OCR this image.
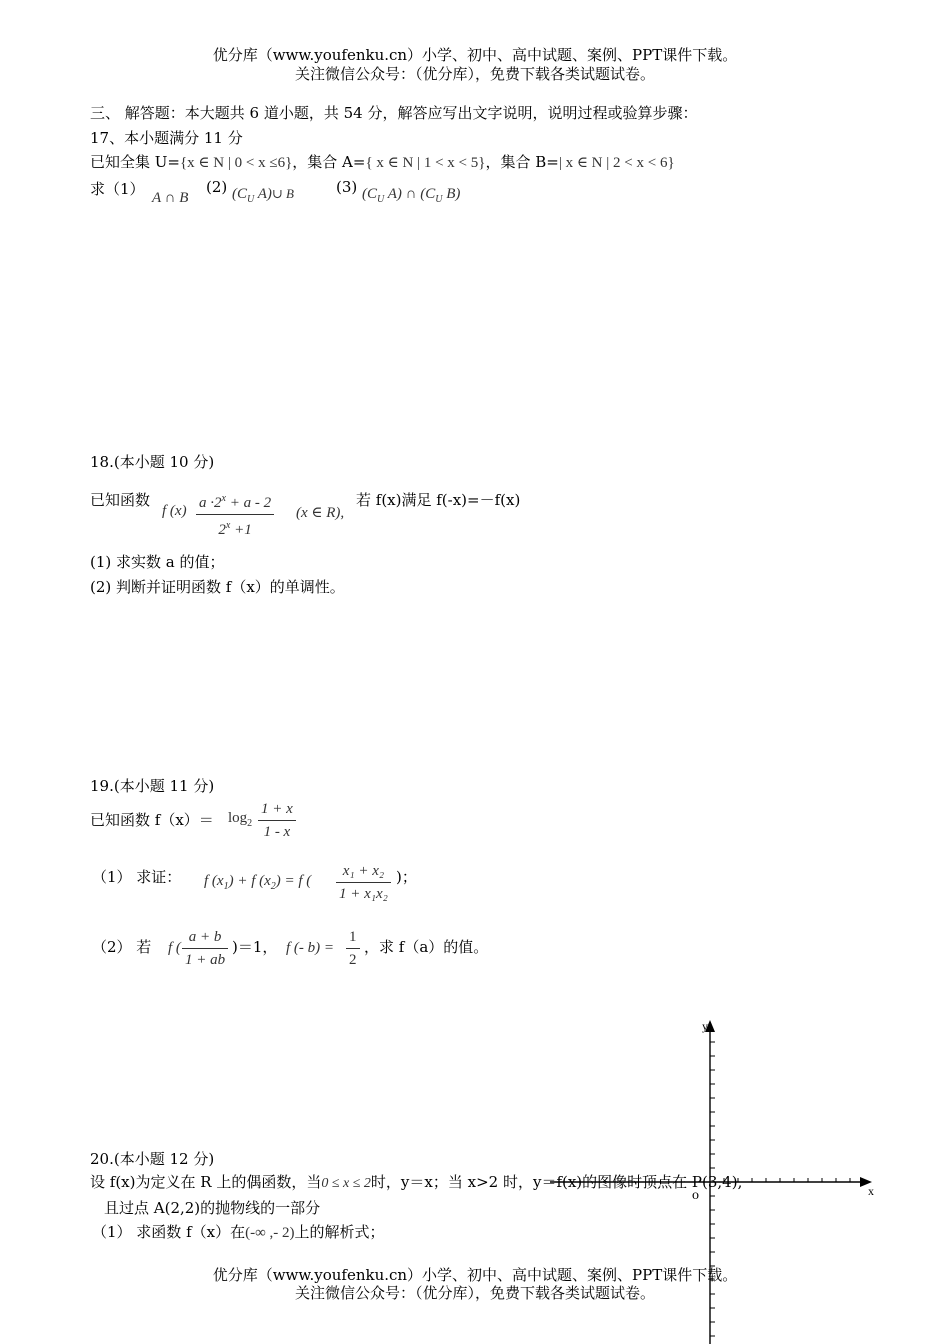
优分库（www.youfenku.cn）小学、初中、高中试题、案例、PPT课件下载。
关注微信公众号：（优分库），免费下载各类试题试卷。
三、 解答题：本大题共 6 道小题，共 54 分，解答应写出文字说明，说明过程或验算步骤：
17、本小题满分 11 分
已知全集 U={x ∈ N | 0 < x ≤6}，集合 A={ x ∈ N | 1 < x < 5}，集合 B=| x ∈ N | 2 < x < 6}
求（1） A ∩ B
(2) ($C_U$ A)∪ B	(3) ($C_U$ A) ∩ ($C_U$ B)
18.(本小题 10 分)
已知函数
f $(x) \frac{a \cdot 2^x + a - 2}{2^x +1} (x$ ∈ R),
若 f(x)满足 f(-x)=－f(x)
(1) 求实数 a 的值；
(2) 判断并证明函数 f（x）的单调性。
19.(本小题 11 分)
已知函数 $f(x)= \log_2 \frac{1 + x}{1 - x}$
（1） 求证： f $(x_1) + f$ $(x_2) = f$ ( $\frac{\text{x₁ + x₂}}{\text{1 + x₁x₂}}$ )；
（2） 若 f ( $\frac{a + b}{1 + ab} )=1$， f (- $b) = \frac{1}{2}$ ，求 f（a）的值。
y
x
o
20.(本小题 12 分)
设 f(x)为定义在 R 上的偶函数，当0 ≤ x ≤ 2时，y＝x；当 x>2 时，y＝f(x)的图像时顶点在 P(3,4),
且过点 A(2,2)的抛物线的一部分
（1） 求函数 f（x）在(-∞ ,- 2)上的解析式；
优分库（www.youfenku.cn）小学、初中、高中试题、案例、PPT课件下载。
关注微信公众号：（优分库），免费下载各类试题试卷。
